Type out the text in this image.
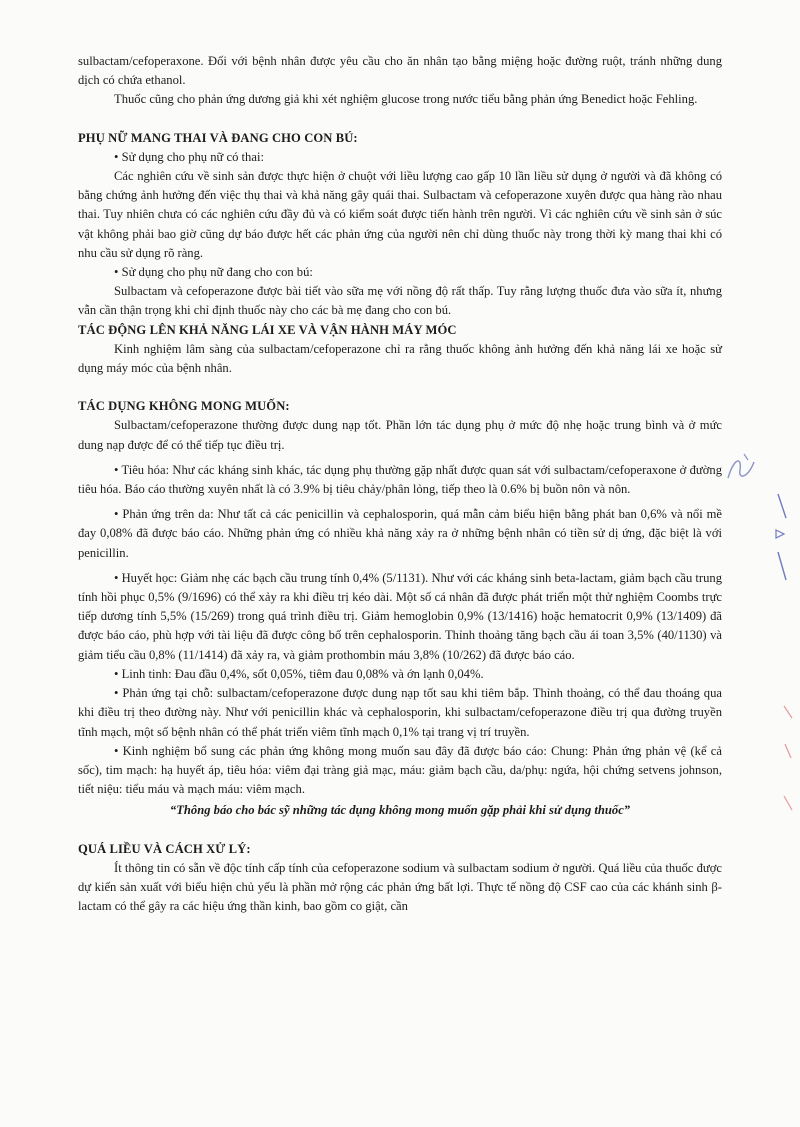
sulbactam/cefoperaxone. Đối với bệnh nhân được yêu cầu cho ăn nhân tạo bằng miệng hoặc đường ruột, tránh những dung dịch có chứa ethanol.

Thuốc cũng cho phản ứng dương giả khi xét nghiệm glucose trong nước tiểu bằng phản ứng Benedict hoặc Fehling.

PHỤ NỮ MANG THAI VÀ ĐANG CHO CON BÚ:

• Sử dụng cho phụ nữ có thai:

Các nghiên cứu về sinh sản được thực hiện ở chuột với liều lượng cao gấp 10 lần liều sử dụng ở người và đã không có bằng chứng ảnh hưởng đến việc thụ thai và khả năng gây quái thai. Sulbactam và cefoperazone xuyên được qua hàng rào nhau thai. Tuy nhiên chưa có các nghiên cứu đầy đủ và có kiểm soát được tiến hành trên người. Vì các nghiên cứu về sinh sản ở súc vật không phải bao giờ cũng dự báo được hết các phản ứng của người nên chỉ dùng thuốc này trong thời kỳ mang thai khi có nhu cầu sử dụng rõ ràng.

• Sử dụng cho phụ nữ đang cho con bú:

Sulbactam và cefoperazone được bài tiết vào sữa mẹ với nồng độ rất thấp. Tuy rằng lượng thuốc đưa vào sữa ít, nhưng vẫn cần thận trọng khi chỉ định thuốc này cho các bà mẹ đang cho con bú.

TÁC ĐỘNG LÊN KHẢ NĂNG LÁI XE VÀ VẬN HÀNH MÁY MÓC

Kinh nghiệm lâm sàng của sulbactam/cefoperazone chỉ ra rằng thuốc không ảnh hưởng đến khả năng lái xe hoặc sử dụng máy móc của bệnh nhân.

TÁC DỤNG KHÔNG MONG MUỐN:

Sulbactam/cefoperazone thường được dung nạp tốt. Phần lớn tác dụng phụ ở mức độ nhẹ hoặc trung bình và ở mức dung nạp được để có thể tiếp tục điều trị.

• Tiêu hóa: Như các kháng sinh khác, tác dụng phụ thường gặp nhất được quan sát với sulbactam/cefoperaxone ở đường tiêu hóa. Báo cáo thường xuyên nhất là có 3.9% bị tiêu chảy/phân lỏng, tiếp theo là 0.6% bị buồn nôn và nôn.

• Phản ứng trên da: Như tất cả các penicillin và cephalosporin, quá mẫn cảm biểu hiện bằng phát ban 0,6% và nổi mề đay 0,08% đã được báo cáo. Những phản ứng có nhiều khả năng xảy ra ở những bệnh nhân có tiền sử dị ứng, đặc biệt là với penicillin.

• Huyết học: Giảm nhẹ các bạch cầu trung tính 0,4% (5/1131). Như với các kháng sinh beta-lactam, giảm bạch cầu trung tính hồi phục 0,5% (9/1696) có thể xảy ra khi điều trị kéo dài. Một số cá nhân đã được phát triển một thử nghiệm Coombs trực tiếp dương tính 5,5% (15/269) trong quá trình điều trị. Giảm hemoglobin 0,9% (13/1416) hoặc hematocrit 0,9% (13/1409) đã được báo cáo, phù hợp với tài liệu đã được công bố trên cephalosporin. Thỉnh thoảng tăng bạch cầu ái toan 3,5% (40/1130) và giảm tiểu cầu 0,8% (11/1414) đã xảy ra, và giảm prothombin máu 3,8% (10/262) đã được báo cáo.

• Linh tinh: Đau đầu 0,4%, sốt 0,05%, tiêm đau 0,08% và ớn lạnh 0,04%.

• Phản ứng tại chỗ: sulbactam/cefoperazone được dung nạp tốt sau khi tiêm bắp. Thỉnh thoảng, có thể đau thoáng qua khi điều trị theo đường này. Như với penicillin khác và cephalosporin, khi sulbactam/cefoperazone điều trị qua đường truyền tĩnh mạch, một số bệnh nhân có thể phát triển viêm tĩnh mạch 0,1% tại trang vị trí truyền.

• Kinh nghiệm bổ sung các phản ứng không mong muốn sau đây đã được báo cáo: Chung: Phản ứng phản vệ (kể cả sốc), tim mạch: hạ huyết áp, tiêu hóa: viêm đại tràng giả mạc, máu: giảm bạch cầu, da/phụ: ngứa, hội chứng setvens johnson, tiết niệu: tiểu máu và mạch máu: viêm mạch.

“Thông báo cho bác sỹ những tác dụng không mong muốn gặp phải khi sử dụng thuốc”

QUÁ LIỀU VÀ CÁCH XỬ LÝ:

Ít thông tin có sẵn về độc tính cấp tính của cefoperazone sodium và sulbactam sodium ở người. Quá liều của thuốc được dự kiến sản xuất với biểu hiện chủ yếu là phần mở rộng các phản ứng bất lợi. Thực tế nồng độ CSF cao của các khánh sinh β-lactam có thể gây ra các hiệu ứng thần kinh, bao gồm co giật, cần
